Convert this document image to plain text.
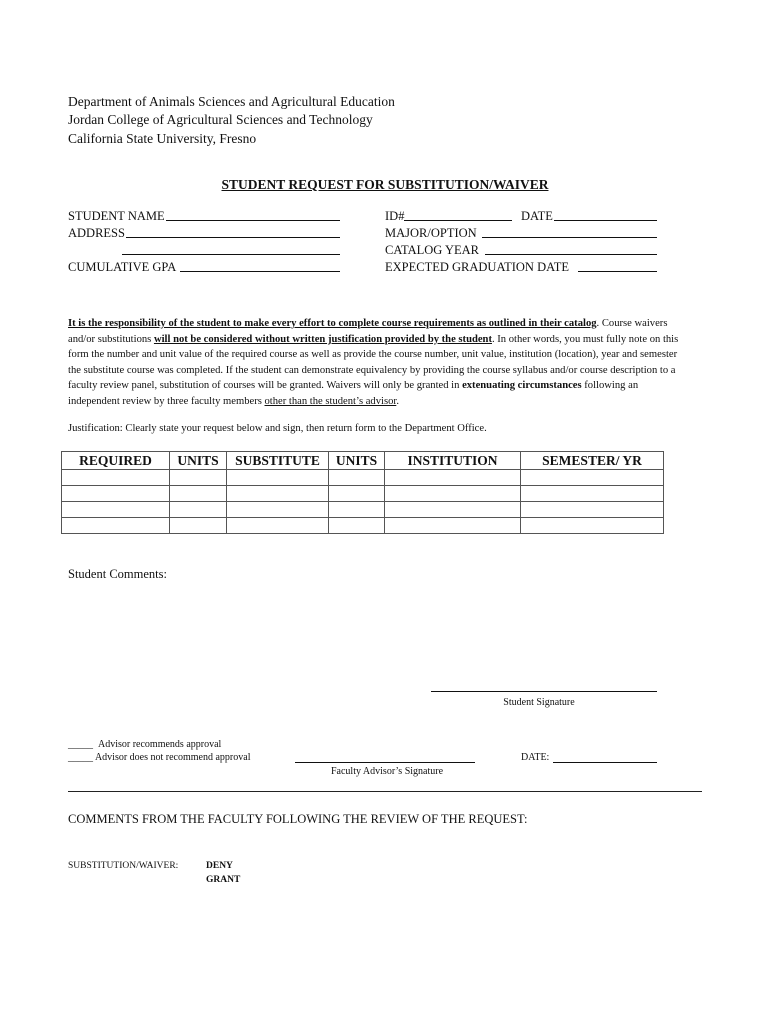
Department of Animals Sciences and Agricultural Education
Jordan College of Agricultural Sciences and Technology
California State University, Fresno
STUDENT REQUEST FOR SUBSTITUTION/WAIVER
STUDENT NAME
ADDRESS
CUMULATIVE GPA
ID#	DATE
MAJOR/OPTION
CATALOG YEAR
EXPECTED GRADUATION DATE
It is the responsibility of the student to make every effort to complete course requirements as outlined in their catalog. Course waivers and/or substitutions will not be considered without written justification provided by the student. In other words, you must fully note on this form the number and unit value of the required course as well as provide the course number, unit value, institution (location), year and semester the substitute course was completed. If the student can demonstrate equivalency by providing the course syllabus and/or course description to a faculty review panel, substitution of courses will be granted. Waivers will only be granted in extenuating circumstances following an independent review by three faculty members other than the student’s advisor.
Justification: Clearly state your request below and sign, then return form to the Department Office.
REQUIRED	UNITS	SUBSTITUTE	UNITS	INSTITUTION	SEMESTER/ YR

Student Comments:
Student Signature
_____ Advisor recommends approval
_____ Advisor does not recommend approval
Faculty Advisor’s Signature
DATE:
COMMENTS FROM THE FACULTY FOLLOWING THE REVIEW OF THE REQUEST:
SUBSTITUTION/WAIVER:	DENY
GRANT
